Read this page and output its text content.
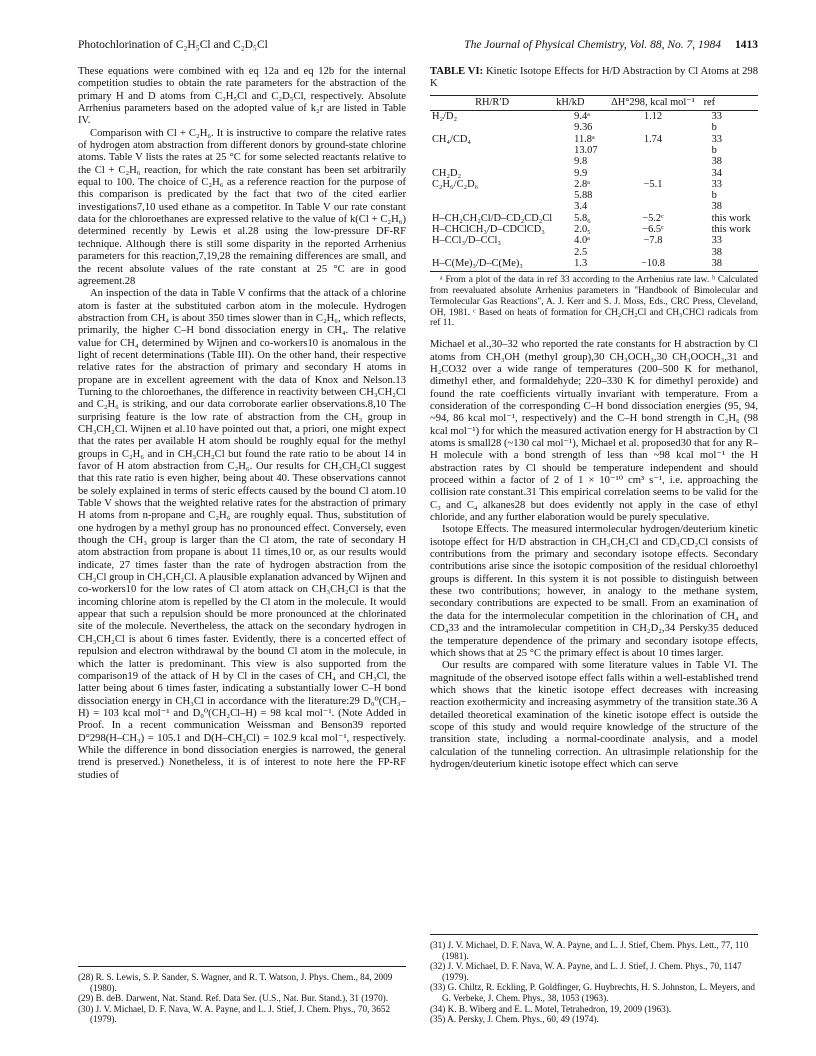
Photochlorination of C₂H₅Cl and C₂D₅Cl	The Journal of Physical Chemistry, Vol. 88, No. 7, 1984 1413

These equations were combined with eq 12a and eq 12b for the internal competition studies to obtain the rate parameters for the abstraction of the primary H and D atoms from C₂H₅Cl and C₂D₅Cl, respectively. Absolute Arrhenius parameters based on the adopted value of k₂r are listed in Table IV.

Comparison with Cl + C₂H₆. It is instructive to compare the relative rates of hydrogen atom abstraction from different donors by ground-state chlorine atoms. Table V lists the rates at 25 °C for some selected reactants relative to the Cl + C₂H₆ reaction, for which the rate constant has been set arbitrarily equal to 100. The choice of C₂H₆ as a reference reaction for the purpose of this comparison is predicated by the fact that two of the cited earlier investigations7,10 used ethane as a competitor. In Table V our rate constant data for the chloroethanes are expressed relative to the value of k(Cl + C₂H₆) determined recently by Lewis et al.28 using the low-pressure DF-RF technique. Although there is still some disparity in the reported Arrhenius parameters for this reaction,7,19,28 the remaining differences are small, and the recent absolute values of the rate constant at 25 °C are in good agreement.28

An inspection of the data in Table V confirms that the attack of a chlorine atom is faster at the substituted carbon atom in the molecule. Hydrogen abstraction from CH₄ is about 350 times slower than in C₂H₆, which reflects, primarily, the higher C–H bond dissociation energy in CH₄. The relative value for CH₄ determined by Wijnen and co-workers10 is anomalous in the light of recent determinations (Table III). On the other hand, their respective relative rates for the abstraction of primary and secondary H atoms in propane are in excellent agreement with the data of Knox and Nelson.13 Turning to the chloroethanes, the difference in reactivity between CH₃CH₂Cl and C₂H₆ is striking, and our data corroborate earlier observations.8,10 The surprising feature is the low rate of abstraction from the CH₃ group in CH₃CH₂Cl. Wijnen et al.10 have pointed out that, a priori, one might expect that the rates per available H atom should be roughly equal for the methyl groups in C₂H₆ and in CH₃CH₂Cl but found the rate ratio to be about 14 in favor of H atom abstraction from C₂H₆. Our results for CH₃CH₂Cl suggest that this rate ratio is even higher, being about 40. These observations cannot be solely explained in terms of steric effects caused by the bound Cl atom.10 Table V shows that the weighted relative rates for the abstraction of primary H atoms from n-propane and C₂H₆ are roughly equal. Thus, substitution of one hydrogen by a methyl group has no pronounced effect. Conversely, even though the CH₃ group is larger than the Cl atom, the rate of secondary H atom abstraction from propane is about 11 times,10 or, as our results would indicate, 27 times faster than the rate of hydrogen abstraction from the CH₂Cl group in CH₃CH₂Cl. A plausible explanation advanced by Wijnen and co-workers10 for the low rates of Cl atom attack on CH₃CH₂Cl is that the incoming chlorine atom is repelled by the Cl atom in the molecule. It would appear that such a repulsion should be more pronounced at the chlorinated site of the molecule. Nevertheless, the attack on the secondary hydrogen in CH₃CH₂Cl is about 6 times faster. Evidently, there is a concerted effect of repulsion and electron withdrawal by the bound Cl atom in the molecule, in which the latter is predominant. This view is also supported from the comparison19 of the attack of H by Cl in the cases of CH₄ and CH₃Cl, the latter being about 6 times faster, indicating a substantially lower C–H bond dissociation energy in CH₃Cl in accordance with the literature:29 D₀⁰(CH₃–H) = 103 kcal mol⁻¹ and D₀⁰(CH₂Cl–H) = 98 kcal mol⁻¹. (Note Added in Proof. In a recent communication Weissman and Benson39 reported D°298(H–CH₃) = 105.1 and D(H–CH₂Cl) = 102.9 kcal mol⁻¹, respectively. While the difference in bond dissociation energies is narrowed, the general trend is preserved.) Nonetheless, it is of interest to note here the FP-RF studies of

(28) R. S. Lewis, S. P. Sander, S. Wagner, and R. T. Watson, J. Phys. Chem., 84, 2009 (1980).
(29) B. deB. Darwent, Nat. Stand. Ref. Data Ser. (U.S., Nat. Bur. Stand.), 31 (1970).
(30) J. V. Michael, D. F. Nava, W. A. Payne, and L. J. Stief, J. Chem. Phys., 70, 3652 (1979).
TABLE VI: Kinetic Isotope Effects for H/D Abstraction by Cl Atoms at 298 K
RH/R′D	kH/kD	ΔH°298, kcal mol⁻¹	ref

H₂/D₂	9.4ᵃ	1.12	33
	9.36		b
CH₄/CD₄	11.8ᵃ	1.74	33
	13.07		b
	9.8		38
CH₂D₂	9.9		34
C₂H₆/C₂D₆	2.8ᵃ	−5.1	33
	5.88		b
	3.4		38
H–CH₂CH₂Cl/D–CD₂CD₂Cl	5.8₆	−5.2ᶜ	this work
H–CHClCH₃/D–CDClCD₃	2.0₅	−6.5ᶜ	this work
H–CCl₃/D–CCl₃	4.0ᵃ	−7.8	33
	2.5		38
H–C(Me)₃/D–C(Me)₃	1.3	−10.8	38
ᵃ From a plot of the data in ref 33 according to the Arrhenius rate law. ᵇ Calculated from reevaluated absolute Arrhenius parameters in "Handbook of Bimolecular and Termolecular Gas Reactions", A. J. Kerr and S. J. Moss, Eds., CRC Press, Cleveland, OH, 1981. ᶜ Based on heats of formation for CH₂CH₂Cl and CH₃CHCl radicals from ref 11.

Michael et al.,30–32 who reported the rate constants for H abstraction by Cl atoms from CH₃OH (methyl group),30 CH₃OCH₃,30 CH₃OOCH₃,31 and H₂CO32 over a wide range of temperatures (200–500 K for methanol, dimethyl ether, and formaldehyde; 220–330 K for dimethyl peroxide) and found the rate coefficients virtually invariant with temperature. From a consideration of the corresponding C–H bond dissociation energies (95, 94, ~94, 86 kcal mol⁻¹, respectively) and the C–H bond strength in C₂H₆ (98 kcal mol⁻¹) for which the measured activation energy for H abstraction by Cl atoms is small28 (~130 cal mol⁻¹), Michael et al. proposed30 that for any R–H molecule with a bond strength of less than ~98 kcal mol⁻¹ the H abstraction rates by Cl should be temperature independent and should proceed within a factor of 2 of 1 × 10⁻¹⁰ cm³ s⁻¹, i.e. approaching the collision rate constant.31 This empirical correlation seems to be valid for the C₃ and C₄ alkanes28 but does evidently not apply in the case of ethyl chloride, and any further elaboration would be purely speculative.

Isotope Effects. The measured intermolecular hydrogen/deuterium kinetic isotope effect for H/D abstraction in CH₃CH₂Cl and CD₃CD₂Cl consists of contributions from the primary and secondary isotope effects. Secondary contributions arise since the isotopic composition of the residual chloroethyl groups is different. In this system it is not possible to distinguish between these two contributions; however, in analogy to the methane system, secondary contributions are expected to be small. From an examination of the data for the intermolecular competition in the chlorination of CH₄ and CD₄33 and the intramolecular competition in CH₂D₂,34 Persky35 deduced the temperature dependence of the primary and secondary isotope effects, which shows that at 25 °C the primary effect is about 10 times larger.

Our results are compared with some literature values in Table VI. The magnitude of the observed isotope effect falls within a well-established trend which shows that the kinetic isotope effect decreases with increasing reaction exothermicity and increasing asymmetry of the transition state.36 A detailed theoretical examination of the kinetic isotope effect is outside the scope of this study and would require knowledge of the structure of the transition state, including a normal-coordinate analysis, and a model calculation of the tunneling correction. An ultrasimple relationship for the hydrogen/deuterium kinetic isotope effect which can serve

(31) J. V. Michael, D. F. Nava, W. A. Payne, and L. J. Stief, Chem. Phys. Lett., 77, 110 (1981).
(32) J. V. Michael, D. F. Nava, W. A. Payne, and L. J. Stief, J. Chem. Phys., 70, 1147 (1979).
(33) G. Chiltz, R. Eckling, P. Goldfinger, G. Huybrechts, H. S. Johnston, L. Meyers, and G. Verbeke, J. Chem. Phys., 38, 1053 (1963).
(34) K. B. Wiberg and E. L. Motel, Tetrahedron, 19, 2009 (1963).
(35) A. Persky, J. Chem. Phys., 60, 49 (1974).
